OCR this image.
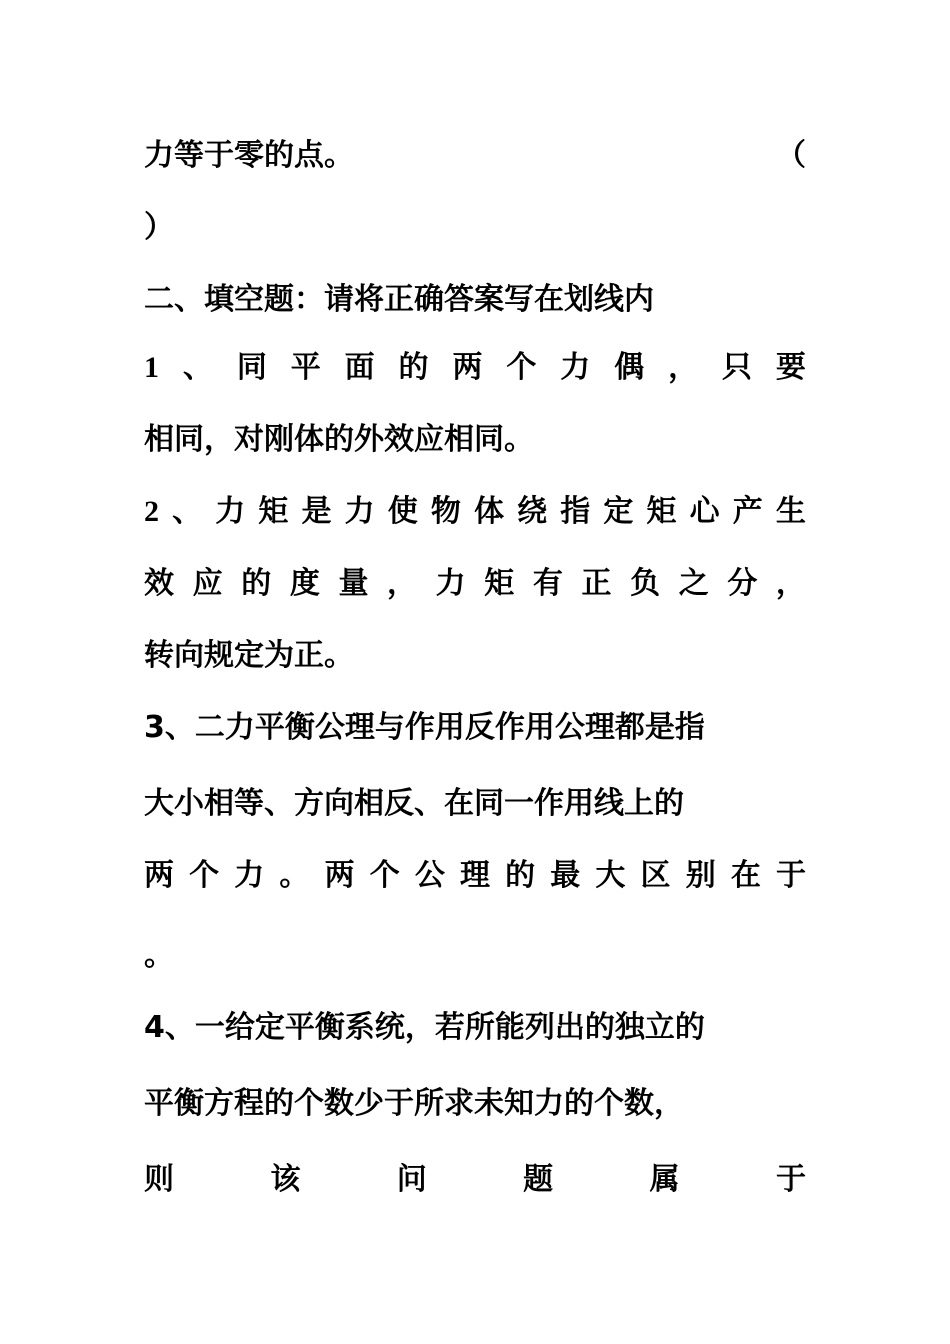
力等于零的点。	（
）
二、填空题：请将正确答案写在划线内
1 、 同 平 面 的 两 个 力 偶 ， 只 要
相同，对刚体的外效应相同。
2 、 力 矩 是 力 使 物 体 绕 指 定 矩 心 产 生
效 应 的 度 量 ， 力 矩 有 正 负 之 分 ，
转向规定为正。
3、二力平衡公理与作用反作用公理都是指
大小相等、方向相反、在同一作用线上的
两 个 力 。 两 个 公 理 的 最 大 区 别 在 于
。
4、一给定平衡系统，若所能列出的独立的
平衡方程的个数少于所求未知力的个数，
则	该	问	题	属	于
